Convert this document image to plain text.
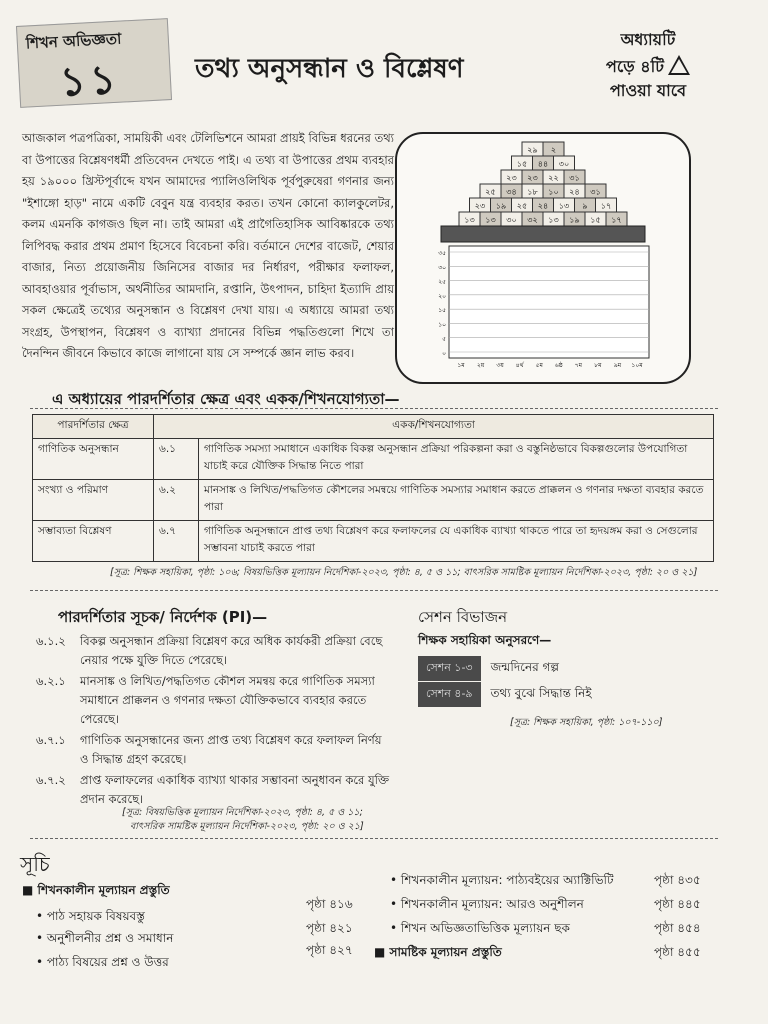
শিখন অভিজ্ঞতা
১১	তথ্য অনুসন্ধান ও বিশ্লেষণ
অধ্যায়টি
পড়ে ৪টি
পাওয়া যাবে
আজকাল পত্রপত্রিকা, সাময়িকী এবং টেলিভিশনে আমরা প্রায়ই বিভিন্ন ধরনের তথ্য বা উপাত্তের বিশ্লেষণধর্মী প্রতিবেদন দেখতে পাই। এ তথ্য বা উপাত্তের প্রথম ব্যবহার হয় ১৯০০০ খ্রিস্টপূর্বাব্দে যখন আমাদের প্যালিওলিথিক পূর্বপুরুষেরা গণনার জন্য "ইশাঙ্গো হাড়" নামে একটি বেবুন যন্ত্র ব্যবহার করত। তখন কোনো ক্যালকুলেটর, কলম এমনকি কাগজও ছিল না। তাই আমরা এই প্রাগৈতিহাসিক আবিষ্কারকে তথ্য লিপিবদ্ধ করার প্রথম প্রমাণ হিসেবে বিবেচনা করি। বর্তমানে দেশের বাজেট, শেয়ার বাজার, নিত্য প্রয়োজনীয় জিনিসের বাজার দর নির্ধারণ, পরীক্ষার ফলাফল, আবহাওয়ার পূর্বাভাস, অর্থনীতির আমদানি, রপ্তানি, উৎপাদন, চাহিদা ইত্যাদি প্রায় সকল ক্ষেত্রেই তথ্যের অনুসন্ধান ও বিশ্লেষণ দেখা যায়। এ অধ্যায়ে আমরা তথ্য সংগ্রহ, উপস্থাপন, বিশ্লেষণ ও ব্যাখ্যা প্রদানের বিভিন্ন পদ্ধতিগুলো শিখে তা দৈনন্দিন জীবনে কিভাবে কাজে লাগানো যায় সে সম্পর্কে জ্ঞান লাভ করব।
২৯ ২
১৫ ৪৪ ৩০
২৩ ২৩ ২২ ৩১
২৫ ৩৪ ১৮ ১০ ২৪ ৩১
২৩ ১৯ ২৫ ২৪ ১৩ ৯ ১৭
১৩ ১৩ ৩০ ৩২ ১৩ ১৯ ১৫ ১৭
৩৫
৩০
২৫
২০
১৫
১০
৫
০
১ম ২য় ৩য় ৪র্থ ৫ম ৬ষ্ঠ ৭ম ৮ম ৯ম ১০ম
এ অধ্যায়ের পারদর্শিতার ক্ষেত্র এবং একক/শিখনযোগ্যতা—
পারদর্শিতার ক্ষেত্র	একক/শিখনযোগ্যতা	
গাণিতিক অনুসন্ধান	৬.১	গাণিতিক সমস্যা সমাধানে একাধিক বিকল্প অনুসন্ধান প্রক্রিয়া পরিকল্পনা করা ও বস্তুনিষ্ঠভাবে বিকল্পগুলোর উপযোগিতা যাচাই করে যৌক্তিক সিদ্ধান্ত নিতে পারা
সংখ্যা ও পরিমাণ	৬.২	মানসাঙ্ক ও লিখিত/পদ্ধতিগত কৌশলের সমন্বয়ে গাণিতিক সমস্যার সমাধান করতে প্রাক্কলন ও গণনার দক্ষতা ব্যবহার করতে পারা
সম্ভাব্যতা বিশ্লেষণ	৬.৭	গাণিতিক অনুসন্ধানে প্রাপ্ত তথ্য বিশ্লেষণ করে ফলাফলের যে একাধিক ব্যাখ্যা থাকতে পারে তা হৃদয়ঙ্গম করা ও সেগুলোর সম্ভাবনা যাচাই করতে পারা
[সূত্র: শিক্ষক সহায়িকা, পৃষ্ঠা: ১০৬; বিষয়ভিত্তিক মূল্যায়ন নির্দেশিকা-২০২৩, পৃষ্ঠা: ৪, ৫ ও ১১; বাৎসরিক সামষ্টিক মূল্যায়ন নির্দেশিকা-২০২৩, পৃষ্ঠা: ২০ ও ২১]
পারদর্শিতার সূচক/ নির্দেশক (PI)—
৬.১.২	বিকল্প অনুসন্ধান প্রক্রিয়া বিশ্লেষণ করে অধিক কার্যকরী প্রক্রিয়া বেছে নেয়ার পক্ষে যুক্তি দিতে পেরেছে।
৬.২.১	মানসাঙ্ক ও লিখিত/পদ্ধতিগত কৌশল সমন্বয় করে গাণিতিক সমস্যা সমাধানে প্রাক্কলন ও গণনার দক্ষতা যৌক্তিকভাবে ব্যবহার করতে পেরেছে।
৬.৭.১	গাণিতিক অনুসন্ধানের জন্য প্রাপ্ত তথ্য বিশ্লেষণ করে ফলাফল নির্ণয় ও সিদ্ধান্ত গ্রহণ করেছে।
৬.৭.২	প্রাপ্ত ফলাফলের একাধিক ব্যাখ্যা থাকার সম্ভাবনা অনুধাবন করে যুক্তি প্রদান করেছে।
[সূত্র: বিষয়ভিত্তিক মূল্যায়ন নির্দেশিকা-২০২৩, পৃষ্ঠা: ৪, ৫ ও ১১;
বাৎসরিক সামষ্টিক মূল্যায়ন নির্দেশিকা-২০২৩, পৃষ্ঠা: ২০ ও ২১]
সেশন বিভাজন
শিক্ষক সহায়িকা অনুসরণে—
সেশন ১-৩	জন্মদিনের গল্প
সেশন ৪-৯	তথ্য বুঝে সিদ্ধান্ত নিই
[সূত্র: শিক্ষক সহায়িকা, পৃষ্ঠা: ১০৭-১১০]
সূচি
■ শিখনকালীন মূল্যায়ন প্রস্তুতি
• পাঠ সহায়ক বিষয়বস্তু
পৃষ্ঠা ৪১৬
• অনুশীলনীর প্রশ্ন ও সমাধান
পৃষ্ঠা ৪২১
• পাঠ্য বিষয়ের প্রশ্ন ও উত্তর
পৃষ্ঠা ৪২৭
• শিখনকালীন মূল্যায়ন: পাঠ্যবইয়ের অ্যাক্টিভিটি	পৃষ্ঠা ৪৩৫
• শিখনকালীন মূল্যায়ন: আরও অনুশীলন	পৃষ্ঠা ৪৪৫
• শিখন অভিজ্ঞতাভিত্তিক মূল্যায়ন ছক	পৃষ্ঠা ৪৫৪
■ সামষ্টিক মূল্যায়ন প্রস্তুতি	পৃষ্ঠা ৪৫৫
